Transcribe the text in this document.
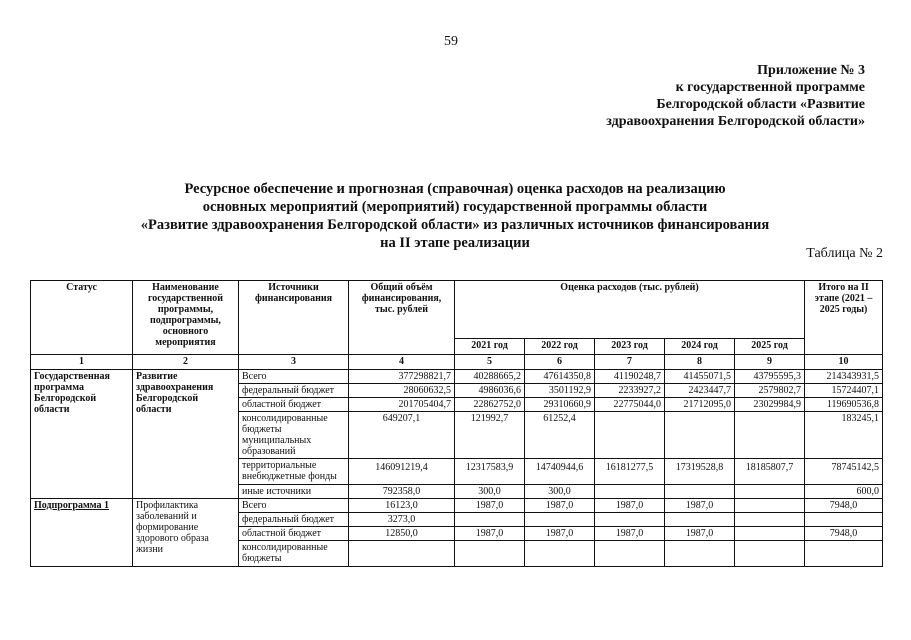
59
Приложение № 3
к государственной программе
Белгородской области «Развитие
здравоохранения Белгородской области»
Ресурсное обеспечение и прогнозная (справочная) оценка расходов на реализацию
основных мероприятий (мероприятий) государственной программы области
«Развитие здравоохранения Белгородской области» из различных источников финансирования
на II этапе реализации
Таблица № 2
Статус	Наименование государственной программы, подпрограммы, основного мероприятия	Источники финансирования	Общий объём финансирования, тыс. рублей	Оценка расходов (тыс. рублей)					Итого на II этапе (2021 – 2025 годы)
				2021 год	2022 год	2023 год	2024 год	2025 год	
1	2	3	4	5	6	7	8	9	10
Государственная программа Белгородской области	Развитие здравоохранения Белгородской области	Всего	377298821,7	40288665,2	47614350,8	41190248,7	41455071,5	43795595,3	214343931,5
		федеральный бюджет	28060632,5	4986036,6	3501192,9	2233927,2	2423447,7	2579802,7	15724407,1
		областной бюджет	201705404,7	22862752,0	29310660,9	22775044,0	21712095,0	23029984,9	119690536,8
		консолидированные бюджеты муниципальных образований	649207,1	121992,7	61252,4				183245,1
		территориальные внебюджетные фонды	146091219,4	12317583,9	14740944,6	16181277,5	17319528,8	18185807,7	78745142,5
		иные источники	792358,0	300,0	300,0				600,0
Подпрограмма 1	Профилактика заболеваний и формирование здорового образа жизни	Всего	16123,0	1987,0	1987,0	1987,0	1987,0		7948,0
		федеральный бюджет	3273,0						
		областной бюджет	12850,0	1987,0	1987,0	1987,0	1987,0		7948,0
		консолидированные бюджеты							
